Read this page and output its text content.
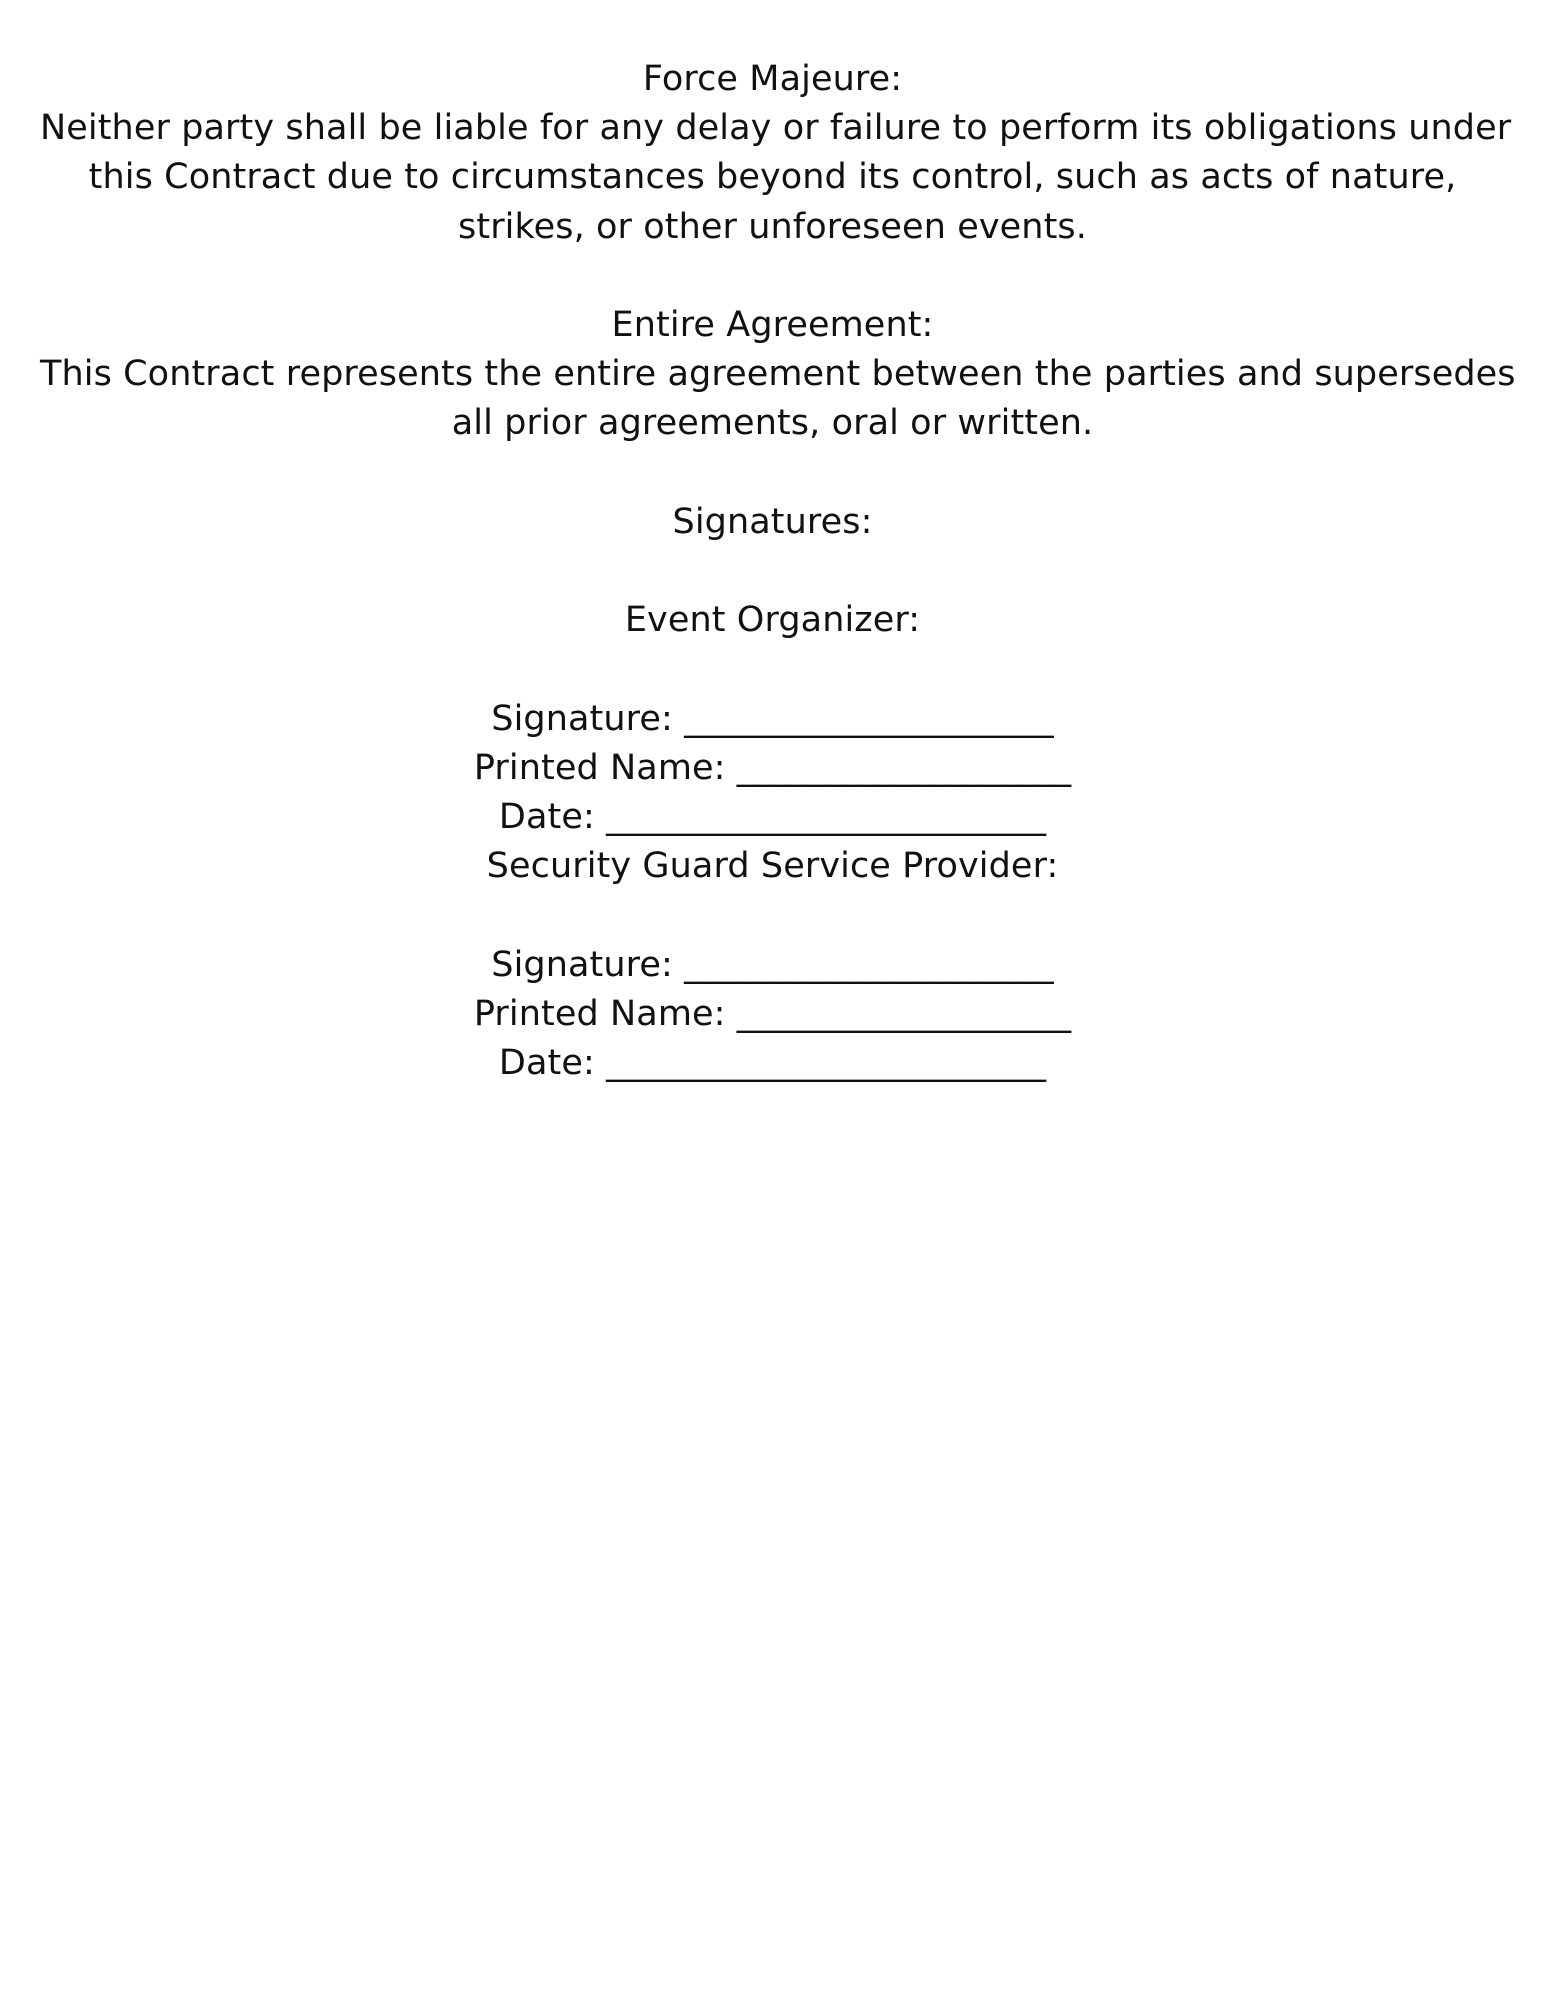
Force Majeure:
Neither party shall be liable for any delay or failure to perform its obligations under
this Contract due to circumstances beyond its control, such as acts of nature,
strikes, or other unforeseen events.
Entire Agreement:
This Contract represents the entire agreement between the parties and supersedes
all prior agreements, oral or written.
Signatures:
Event Organizer:
Signature: _____________________
Printed Name: ___________________
Date: _________________________
Security Guard Service Provider:
Signature: _____________________
Printed Name: ___________________
Date: _________________________
